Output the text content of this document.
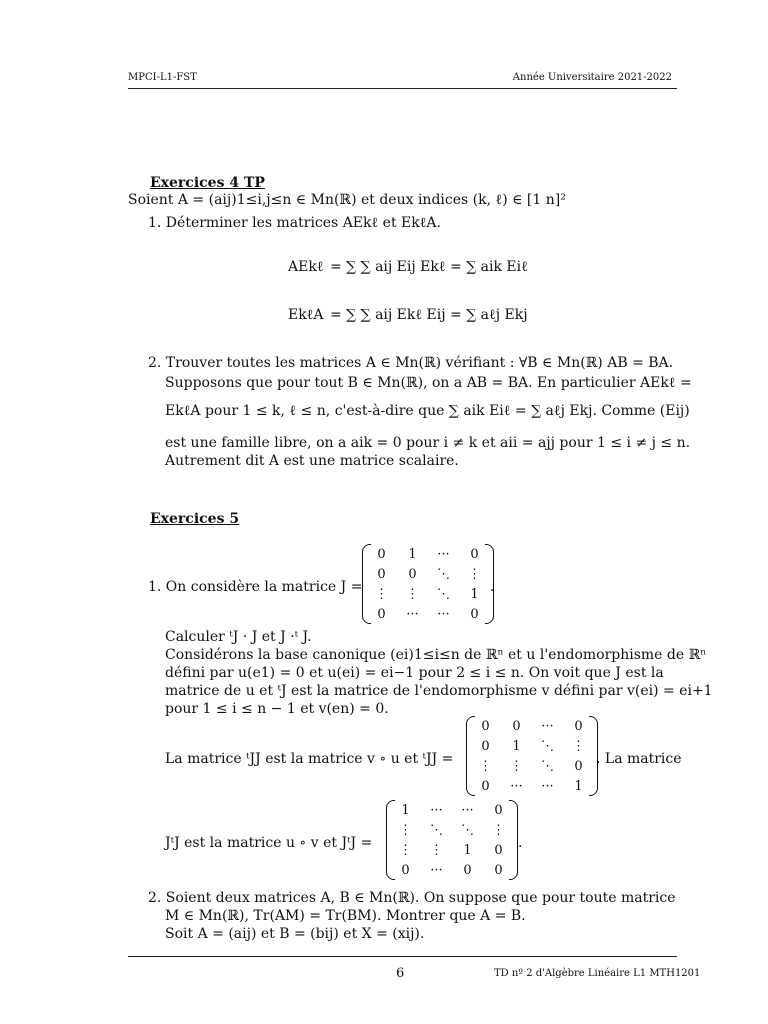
MPCI-L1-FST	Année Universitaire 2021-2022
Exercices 4 TP
Soient A = (aij)1≤i,j≤n ∈ Mn(ℝ) et deux indices (k, ℓ) ∈ [1 n]²
1. Déterminer les matrices AEkℓ et EkℓA.
AEkℓ = ∑ ∑ aij Eij Ekℓ = ∑ aik Eiℓ
EkℓA = ∑ ∑ aij Ekℓ Eij = ∑ aℓj Ekj
2. Trouver toutes les matrices A ∈ Mn(ℝ) vérifiant : ∀B ∈ Mn(ℝ) AB = BA.
Supposons que pour tout B ∈ Mn(ℝ), on a AB = BA. En particulier AEkℓ =
EkℓA pour 1 ≤ k, ℓ ≤ n, c'est-à-dire que ∑ aik Eiℓ = ∑ aℓj Ekj. Comme (Eij)
est une famille libre, on a aik = 0 pour i ≠ k et aii = ajj pour 1 ≤ i ≠ j ≤ n.
Autrement dit A est une matrice scalaire.
Exercices 5
1. On considère la matrice J =
0	1	···	0
0	0	⋱	⋮
⋮	⋮	⋱	1
0	···	···	0
.
Calculer ᵗJ · J et J ·ᵗ J.
Considérons la base canonique (ei)1≤i≤n de ℝⁿ et u l'endomorphisme de ℝⁿ
défini par u(e1) = 0 et u(ei) = ei−1 pour 2 ≤ i ≤ n. On voit que J est la
matrice de u et ᵗJ est la matrice de l'endomorphisme v défini par v(ei) = ei+1
pour 1 ≤ i ≤ n − 1 et v(en) = 0.
La matrice ᵗJJ est la matrice v ∘ u et ᵗJJ =
0	0	···	0
0	1	⋱	⋮
⋮	⋮	⋱	0
0	···	···	1
. La matrice
JᵗJ est la matrice u ∘ v et JᵗJ =
1	···	···	0
⋮	⋱	⋱	⋮
⋮	⋮	1	0
0	···	0	0
.
2. Soient deux matrices A, B ∈ Mn(ℝ). On suppose que pour toute matrice
M ∈ Mn(ℝ), Tr(AM) = Tr(BM). Montrer que A = B.
Soit A = (aij) et B = (bij) et X = (xij).
6	TD nº 2 d'Algèbre Linéaire L1 MTH1201
